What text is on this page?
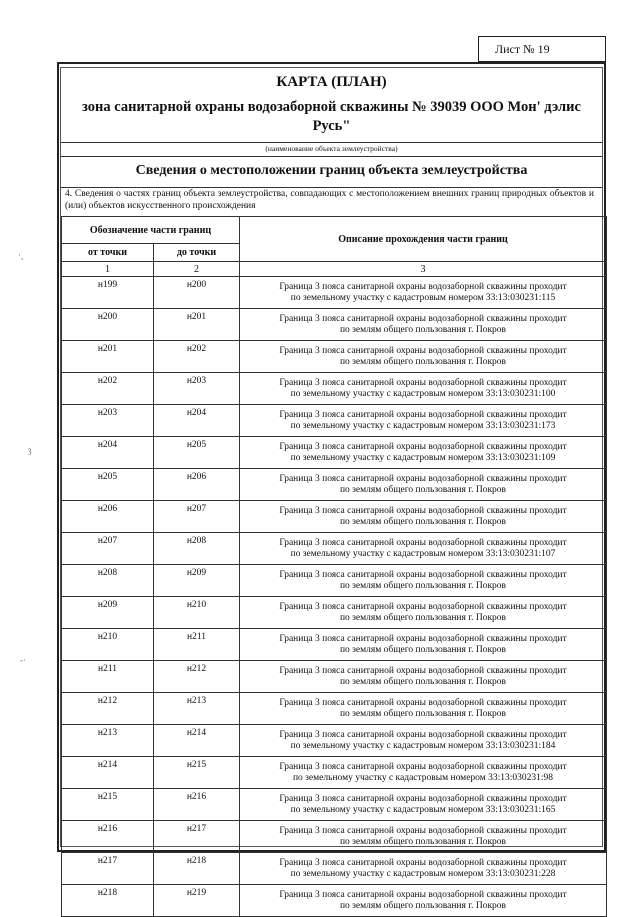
Лист № 19
·˛
ȝ
-·
КАРТА (ПЛАН)
зона санитарной охраны водозаборной скважины № 39039 ООО Мон' дэлис Русь"
(наименование объекта землеустройства)
Сведения о местоположении границ объекта землеустройства
4. Сведения о частях границ объекта землеустройства, совпадающих с местоположением внешних границ природных объектов и (или) объектов искусственного происхождения
Обозначение части границ		Описание прохождения части границ
от точки	до точки	
1	2	3
н199	н200	Граница 3 пояса санитарной охраны водозаборной скважины проходит
по земельному участку с кадастровым номером 33:13:030231:115

н200	н201	Граница 3 пояса санитарной охраны водозаборной скважины проходит
по землям общего пользования г. Покров

н201	н202	Граница 3 пояса санитарной охраны водозаборной скважины проходит
по землям общего пользования г. Покров

н202	н203	Граница 3 пояса санитарной охраны водозаборной скважины проходит
по земельному участку с кадастровым номером 33:13:030231:100

н203	н204	Граница 3 пояса санитарной охраны водозаборной скважины проходит
по земельному участку с кадастровым номером 33:13:030231:173

н204	н205	Граница 3 пояса санитарной охраны водозаборной скважины проходит
по земельному участку с кадастровым номером 33:13:030231:109

н205	н206	Граница 3 пояса санитарной охраны водозаборной скважины проходит
по землям общего пользования г. Покров

н206	н207	Граница 3 пояса санитарной охраны водозаборной скважины проходит
по землям общего пользования г. Покров

н207	н208	Граница 3 пояса санитарной охраны водозаборной скважины проходит
по земельному участку с кадастровым номером 33:13:030231:107

н208	н209	Граница 3 пояса санитарной охраны водозаборной скважины проходит
по землям общего пользования г. Покров

н209	н210	Граница 3 пояса санитарной охраны водозаборной скважины проходит
по землям общего пользования г. Покров

н210	н211	Граница 3 пояса санитарной охраны водозаборной скважины проходит
по землям общего пользования г. Покров

н211	н212	Граница 3 пояса санитарной охраны водозаборной скважины проходит
по землям общего пользования г. Покров

н212	н213	Граница 3 пояса санитарной охраны водозаборной скважины проходит
по землям общего пользования г. Покров

н213	н214	Граница 3 пояса санитарной охраны водозаборной скважины проходит
по земельному участку с кадастровым номером 33:13:030231:184

н214	н215	Граница 3 пояса санитарной охраны водозаборной скважины проходит
по земельному участку с кадастровым номером 33:13:030231:98

н215	н216	Граница 3 пояса санитарной охраны водозаборной скважины проходит
по земельному участку с кадастровым номером 33:13:030231:165

н216	н217	Граница 3 пояса санитарной охраны водозаборной скважины проходит
по землям общего пользования г. Покров

н217	н218	Граница 3 пояса санитарной охраны водозаборной скважины проходит
по земельному участку с кадастровым номером 33:13:030231:228

н218	н219	Граница 3 пояса санитарной охраны водозаборной скважины проходит
по землям общего пользования г. Покров
